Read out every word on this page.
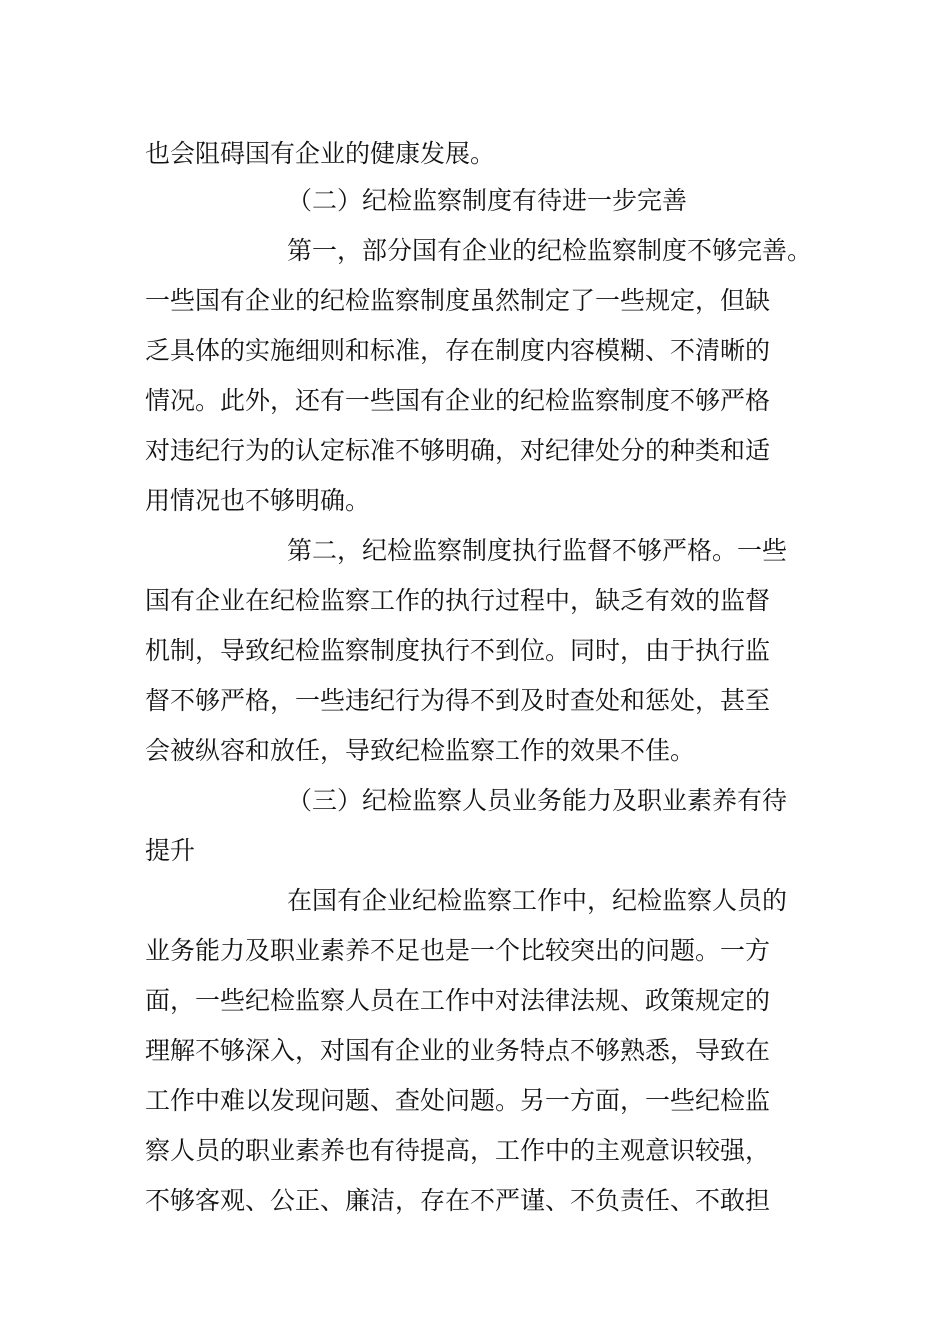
也会阻碍国有企业的健康发展。
（二）纪检监察制度有待进一步完善
第一，部分国有企业的纪检监察制度不够完善。
一些国有企业的纪检监察制度虽然制定了一些规定，但缺
乏具体的实施细则和标准，存在制度内容模糊、不清晰的
情况。此外，还有一些国有企业的纪检监察制度不够严格
对违纪行为的认定标准不够明确，对纪律处分的种类和适
用情况也不够明确。
第二，纪检监察制度执行监督不够严格。一些
国有企业在纪检监察工作的执行过程中，缺乏有效的监督
机制，导致纪检监察制度执行不到位。同时，由于执行监
督不够严格，一些违纪行为得不到及时查处和惩处，甚至
会被纵容和放任，导致纪检监察工作的效果不佳。
（三）纪检监察人员业务能力及职业素养有待
提升
在国有企业纪检监察工作中，纪检监察人员的
业务能力及职业素养不足也是一个比较突出的问题。一方
面，一些纪检监察人员在工作中对法律法规、政策规定的
理解不够深入，对国有企业的业务特点不够熟悉，导致在
工作中难以发现问题、查处问题。另一方面，一些纪检监
察人员的职业素养也有待提高，工作中的主观意识较强，
不够客观、公正、廉洁，存在不严谨、不负责任、不敢担
